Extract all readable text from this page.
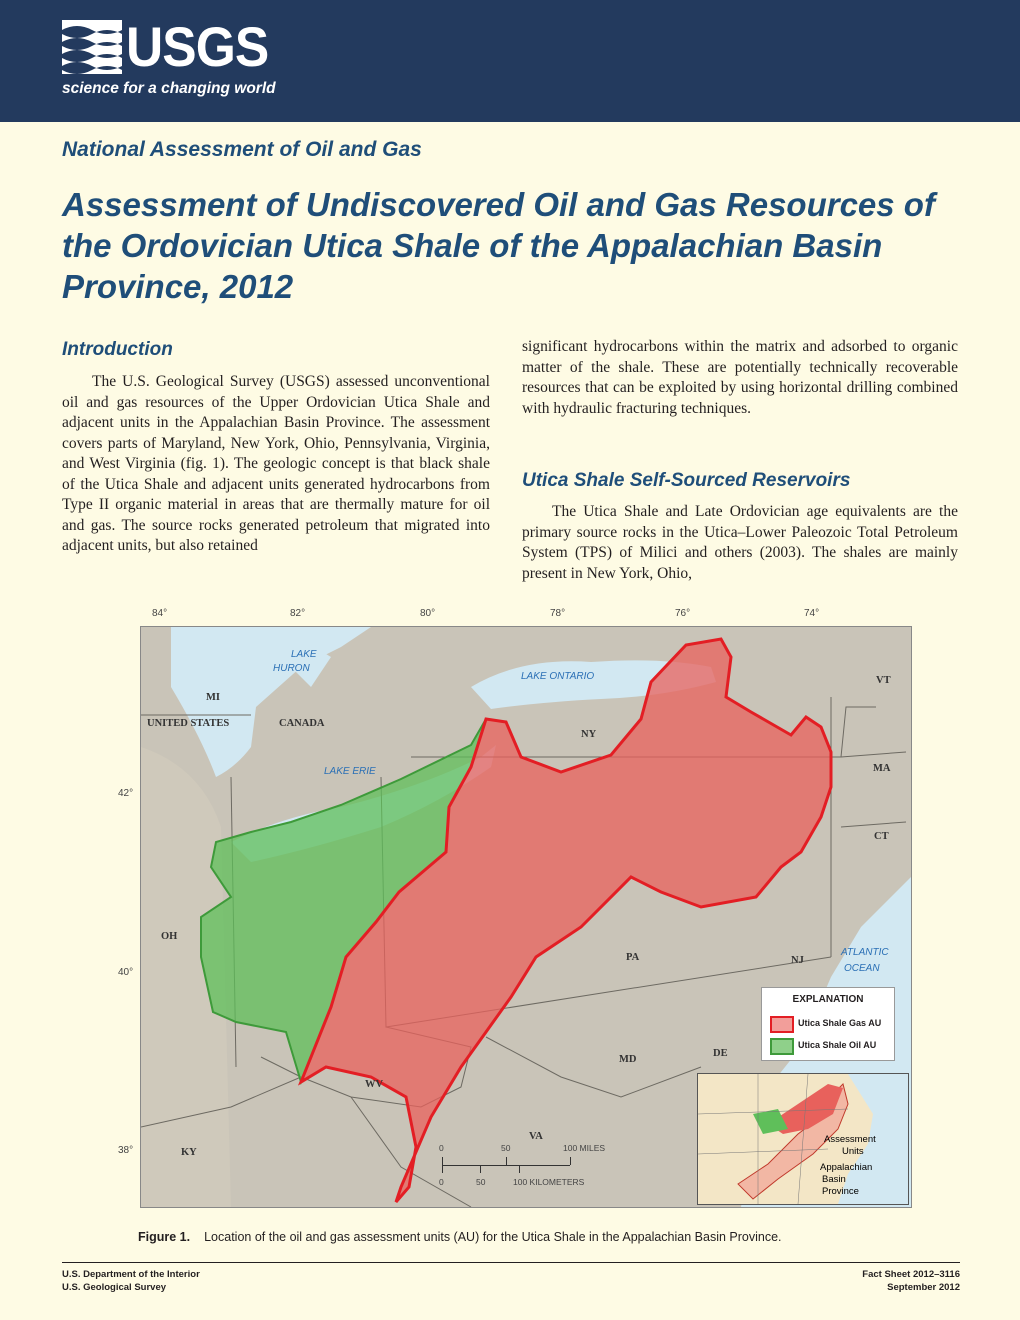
USGS
science for a changing world
National Assessment of Oil and Gas
Assessment of Undiscovered Oil and Gas Resources of the Ordovician Utica Shale of the Appalachian Basin Province, 2012
Introduction

The U.S. Geological Survey (USGS) assessed unconventional oil and gas resources of the Upper Ordovician Utica Shale and adjacent units in the Appalachian Basin Province. The assessment covers parts of Maryland, New York, Ohio, Pennsylvania, Virginia, and West Virginia (fig. 1). The geologic concept is that black shale of the Utica Shale and adjacent units generated hydrocarbons from Type II organic material in areas that are thermally mature for oil and gas. The source rocks generated petroleum that migrated into adjacent units, but also retained

significant hydrocarbons within the matrix and adsorbed to organic matter of the shale. These are potentially technically recoverable resources that can be exploited by using horizontal drilling combined with hydraulic fracturing techniques.

Utica Shale Self-Sourced Reservoirs

The Utica Shale and Late Ordovician age equivalents are the primary source rocks in the Utica–Lower Paleozoic Total Petroleum System (TPS) of Milici and others (2003). The shales are mainly present in New York, Ohio,

84°	82°	80°	78°	76°	74°
42°
40°
38°
LAKE
HURON
LAKE ONTARIO
LAKE ERIE
ATLANTIC
OCEAN
MI
UNITED STATES	CANADA
NY
VT
MA
CT
OH
PA	NJ
MD
DE
WV
VA
KY	0	50	100 MILES
0	50	100 KILOMETERS
EXPLANATION
Utica Shale Gas AU
Utica Shale Oil AU
Assessment
Units
Appalachian
Basin
Province
Figure 1. Location of the oil and gas assessment units (AU) for the Utica Shale in the Appalachian Basin Province.
U.S. Department of the Interior
U.S. Geological Survey
Fact Sheet 2012–3116
September 2012
